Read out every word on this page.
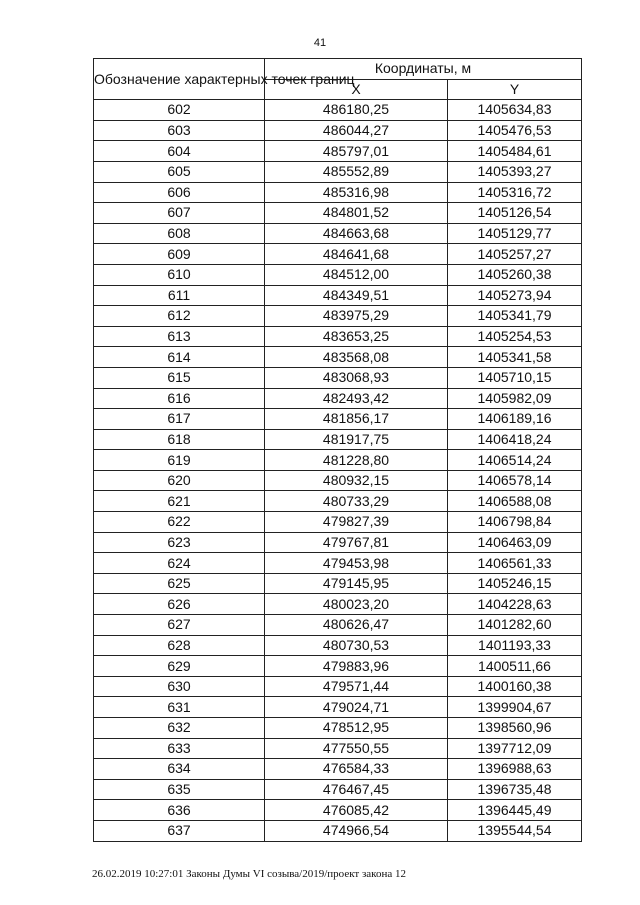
41
Обозначение характерных точек границ	Координаты, м	
	X	Y
602	486180,25	1405634,83
603	486044,27	1405476,53
604	485797,01	1405484,61
605	485552,89	1405393,27
606	485316,98	1405316,72
607	484801,52	1405126,54
608	484663,68	1405129,77
609	484641,68	1405257,27
610	484512,00	1405260,38
611	484349,51	1405273,94
612	483975,29	1405341,79
613	483653,25	1405254,53
614	483568,08	1405341,58
615	483068,93	1405710,15
616	482493,42	1405982,09
617	481856,17	1406189,16
618	481917,75	1406418,24
619	481228,80	1406514,24
620	480932,15	1406578,14
621	480733,29	1406588,08
622	479827,39	1406798,84
623	479767,81	1406463,09
624	479453,98	1406561,33
625	479145,95	1405246,15
626	480023,20	1404228,63
627	480626,47	1401282,60
628	480730,53	1401193,33
629	479883,96	1400511,66
630	479571,44	1400160,38
631	479024,71	1399904,67
632	478512,95	1398560,96
633	477550,55	1397712,09
634	476584,33	1396988,63
635	476467,45	1396735,48
636	476085,42	1396445,49
637	474966,54	1395544,54
26.02.2019 10:27:01 Законы Думы VI созыва/2019/проект закона 12
